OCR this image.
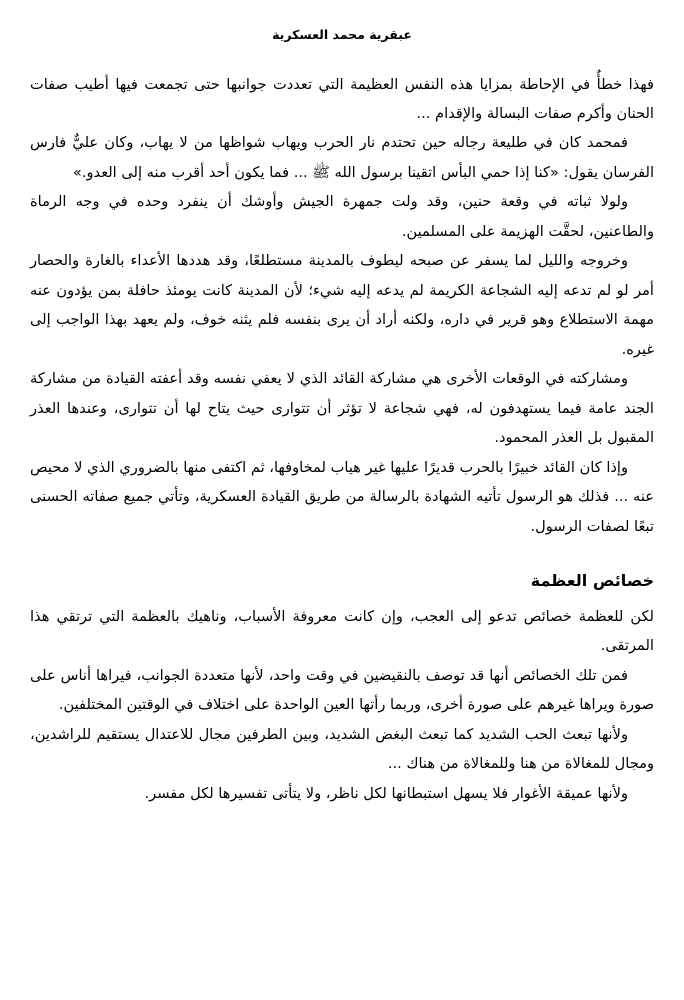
عبقرية محمد العسكرية

فهذا خطأٌ في الإحاطة بمزايا هذه النفس العظيمة التي تعددت جوانبها حتى تجمعت فيها أطيب صفات الحنان وأكرم صفات البسالة والإقدام ...

فمحمد كان في طليعة رجاله حين تحتدم نار الحرب ويهاب شواظها من لا يهاب، وكان عليٌّ فارس الفرسان يقول: «كنا إذا حمي البأس اتقينا برسول الله ﷺ ... فما يكون أحد أقرب منه إلى العدو.»

ولولا ثباته في وقعة حنين، وقد ولت جمهرة الجيش وأوشك أن ينفرد وحده في وجه الرماة والطاعنين، لحقَّت الهزيمة على المسلمين.

وخروجه والليل لما يسفر عن صبحه ليطوف بالمدينة مستطلعًا، وقد هددها الأعداء بالغارة والحصار أمر لو لم تدعه إليه الشجاعة الكريمة لم يدعه إليه شيء؛ لأن المدينة كانت يومئذ حافلة بمن يؤدون عنه مهمة الاستطلاع وهو قرير في داره، ولكنه أراد أن يرى بنفسه فلم يثنه خوف، ولم يعهد بهذا الواجب إلى غيره.

ومشاركته في الوقعات الأخرى هي مشاركة القائد الذي لا يعفي نفسه وقد أعفته القيادة من مشاركة الجند عامة فيما يستهدفون له، فهي شجاعة لا تؤثر أن تتوارى حيث يتاح لها أن تتوارى، وعندها العذر المقبول بل العذر المحمود.

وإذا كان القائد خبيرًا بالحرب قديرًا عليها غير هياب لمخاوفها، ثم اكتفى منها بالضروري الذي لا محيص عنه ... فذلك هو الرسول تأتيه الشهادة بالرسالة من طريق القيادة العسكرية، وتأتي جميع صفاته الحسنى تبعًا لصفات الرسول.

خصائص العظمة

لكن للعظمة خصائص تدعو إلى العجب، وإن كانت معروفة الأسباب، وناهيك بالعظمة التي ترتقي هذا المرتقى.

فمن تلك الخصائص أنها قد توصف بالنقيضين في وقت واحد، لأنها متعددة الجوانب، فيراها أناس على صورة ويراها غيرهم على صورة أخرى، وربما رأتها العين الواحدة على اختلاف في الوقتين المختلفين.

ولأنها تبعث الحب الشديد كما تبعث البغض الشديد، وبين الطرفين مجال للاعتدال يستقيم للراشدين، ومجال للمغالاة من هنا وللمغالاة من هناك ...

ولأنها عميقة الأغوار فلا يسهل استبطانها لكل ناظر، ولا يتأتى تفسيرها لكل مفسر.
